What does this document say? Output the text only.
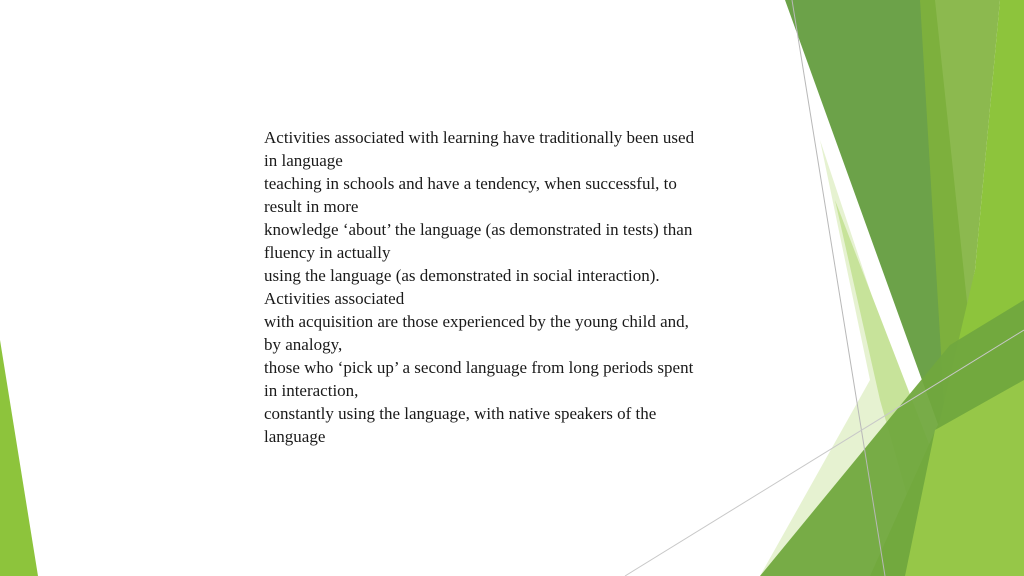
Activities associated with learning have traditionally been used
in language
teaching in schools and have a tendency, when successful, to
result in more
knowledge ‘about’ the language (as demonstrated in tests) than
fluency in actually
using the language (as demonstrated in social interaction).
Activities associated
with acquisition are those experienced by the young child and,
by analogy,
those who ‘pick up’ a second language from long periods spent
in interaction,
constantly using the language, with native speakers of the
language
